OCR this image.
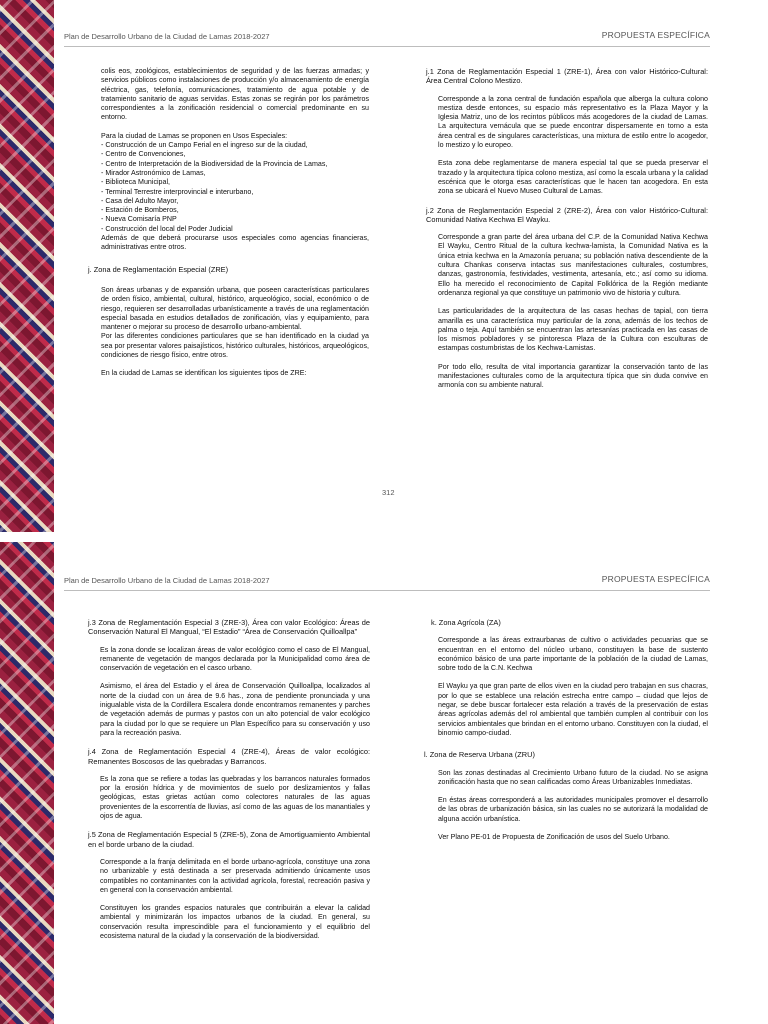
Plan de Desarrollo Urbano de la Ciudad de Lamas 2018-2027	PROPUESTA ESPECÍFICA

colis eos, zoológicos, establecimientos de seguridad y de las fuerzas armadas; y servicios públicos como instalaciones de producción y/o almacenamiento de energía eléctrica, gas, telefonía, comunicaciones, tratamiento de agua potable y de tratamiento sanitario de aguas servidas. Estas zonas se regirán por los parámetros correspondientes a la zonificación residencial o comercial predominante en su entorno.

Para la ciudad de Lamas se proponen en Usos Especiales:

- Construcción de un Campo Ferial en el ingreso sur de la ciudad,
- Centro de Convenciones,
- Centro de Interpretación de la Biodiversidad de la Provincia de Lamas,
- Mirador Astronómico de Lamas,
- Biblioteca Municipal,
- Terminal Terrestre interprovincial e interurbano,
- Casa del Adulto Mayor,
- Estación de Bomberos,
- Nueva Comisaría PNP
- Construcción del local del Poder Judicial

Además de que deberá procurarse usos especiales como agencias financieras, administrativas entre otros.

j. Zona de Reglamentación Especial (ZRE)

Son áreas urbanas y de expansión urbana, que poseen características particulares de orden físico, ambiental, cultural, histórico, arqueológico, social, económico o de riesgo, requieren ser desarrolladas urbanísticamente a través de una reglamentación especial basada en estudios detallados de zonificación, vías y equipamiento, para mantener o mejorar su proceso de desarrollo urbano-ambiental.

Por las diferentes condiciones particulares que se han identificado en la ciudad ya sea por presentar valores paisajísticos, histórico culturales, históricos, arqueológicos, condiciones de riesgo físico, entre otros.

En la ciudad de Lamas se identifican los siguientes tipos de ZRE:

j.1 Zona de Reglamentación Especial 1 (ZRE-1), Área con valor Histórico-Cultural: Área Central Colono Mestizo.

Corresponde a la zona central de fundación española que alberga la cultura colono mestiza desde entonces, su espacio más representativo es la Plaza Mayor y la Iglesia Matriz, uno de los recintos públicos más acogedores de la ciudad de Lamas. La arquitectura vernácula que se puede encontrar dispersamente en torno a esta área central es de singulares características, una mixtura de estilo entre lo acogedor, lo mestizo y lo europeo.

Esta zona debe reglamentarse de manera especial tal que se pueda preservar el trazado y la arquitectura típica colono mestiza, así como la escala urbana y la calidad escénica que le otorga esas características que le hacen tan acogedora. En esta zona se ubicará el Nuevo Museo Cultural de Lamas.

j.2 Zona de Reglamentación Especial 2 (ZRE-2), Área con valor Histórico-Cultural: Comunidad Nativa Kechwa El Wayku.

Corresponde a gran parte del área urbana del C.P. de la Comunidad Nativa Kechwa El Wayku, Centro Ritual de la cultura kechwa-lamista, la Comunidad Nativa es la única etnia kechwa en la Amazonía peruana; su población nativa descendiente de la cultura Chankas conserva intactas sus manifestaciones culturales, costumbres, danzas, gastronomía, festividades, vestimenta, artesanía, etc.; así como su idioma. Ello ha merecido el reconocimiento de Capital Folklórica de la Región mediante ordenanza regional ya que constituye un patrimonio vivo de historia y cultura.

Las particularidades de la arquitectura de las casas hechas de tapial, con tierra amarilla es una característica muy particular de la zona, además de los techos de palma o teja. Aquí también se encuentran las artesanías practicada en las casas de los mismos pobladores y se pintoresca Plaza de la Cultura con esculturas de estampas costumbristas de los Kechwa-Lamistas.

Por todo ello, resulta de vital importancia garantizar la conservación tanto de las manifestaciones culturales como de la arquitectura típica que sin duda convive en armonía con su ambiente natural.

312
Plan de Desarrollo Urbano de la Ciudad de Lamas 2018-2027	PROPUESTA ESPECÍFICA

j.3 Zona de Reglamentación Especial 3 (ZRE-3), Área con valor Ecológico: Áreas de Conservación Natural El Mangual, “El Estadio” “Área de Conservación Quilloallpa”

Es la zona donde se localizan áreas de valor ecológico como el caso de El Mangual, remanente de vegetación de mangos declarada por la Municipalidad como área de conservación de vegetación en el casco urbano.

Asimismo, el área del Estadio y el área de Conservación Quilloallpa, localizados al norte de la ciudad con un área de 9.6 has., zona de pendiente pronunciada y una inigualable vista de la Cordillera Escalera donde encontramos remanentes y parches de vegetación además de purmas y pastos con un alto potencial de valor ecológico para la ciudad por lo que se requiere un Plan Específico para su conservación y uso para la recreación pasiva.

j.4 Zona de Reglamentación Especial 4 (ZRE-4), Áreas de valor ecológico: Remanentes Boscosos de las quebradas y Barrancos.

Es la zona que se refiere a todas las quebradas y los barrancos naturales formados por la erosión hídrica y de movimientos de suelo por deslizamientos y fallas geológicas, estas grietas actúan como colectores naturales de las aguas provenientes de la escorrentía de lluvias, así como de las aguas de los manantiales y ojos de agua.

j.5 Zona de Reglamentación Especial 5 (ZRE-5), Zona de Amortiguamiento Ambiental en el borde urbano de la ciudad.

Corresponde a la franja delimitada en el borde urbano-agrícola, constituye una zona no urbanizable y está destinada a ser preservada admitiendo únicamente usos compatibles no contaminantes con la actividad agrícola, forestal, recreación pasiva y en general con la conservación ambiental.

Constituyen los grandes espacios naturales que contribuirán a elevar la calidad ambiental y minimizarán los impactos urbanos de la ciudad. En general, su conservación resulta imprescindible para el funcionamiento y el equilibrio del ecosistema natural de la ciudad y la conservación de la biodiversidad.

k. Zona Agrícola (ZA)

Corresponde a las áreas extraurbanas de cultivo o actividades pecuarias que se encuentran en el entorno del núcleo urbano, constituyen la base de sustento económico básico de una parte importante de la población de la ciudad de Lamas, sobre todo de la C.N. Kechwa

El Wayku ya que gran parte de ellos viven en la ciudad pero trabajan en sus chacras, por lo que se establece una relación estrecha entre campo – ciudad que lejos de negar, se debe buscar fortalecer esta relación a través de la preservación de estas áreas agrícolas además del rol ambiental que también cumplen al contribuir con los servicios ambientales que brindan en el entorno urbano. Constituyen con la ciudad, el binomio campo-ciudad.

l. Zona de Reserva Urbana (ZRU)

Son las zonas destinadas al Crecimiento Urbano futuro de la ciudad. No se asigna zonificación hasta que no sean calificadas como Áreas Urbanizables Inmediatas.

En éstas áreas corresponderá a las autoridades municipales promover el desarrollo de las obras de urbanización básica, sin las cuales no se autorizará la modalidad de alguna acción urbanística.

Ver Plano PE-01 de Propuesta de Zonificación de usos del Suelo Urbano.
